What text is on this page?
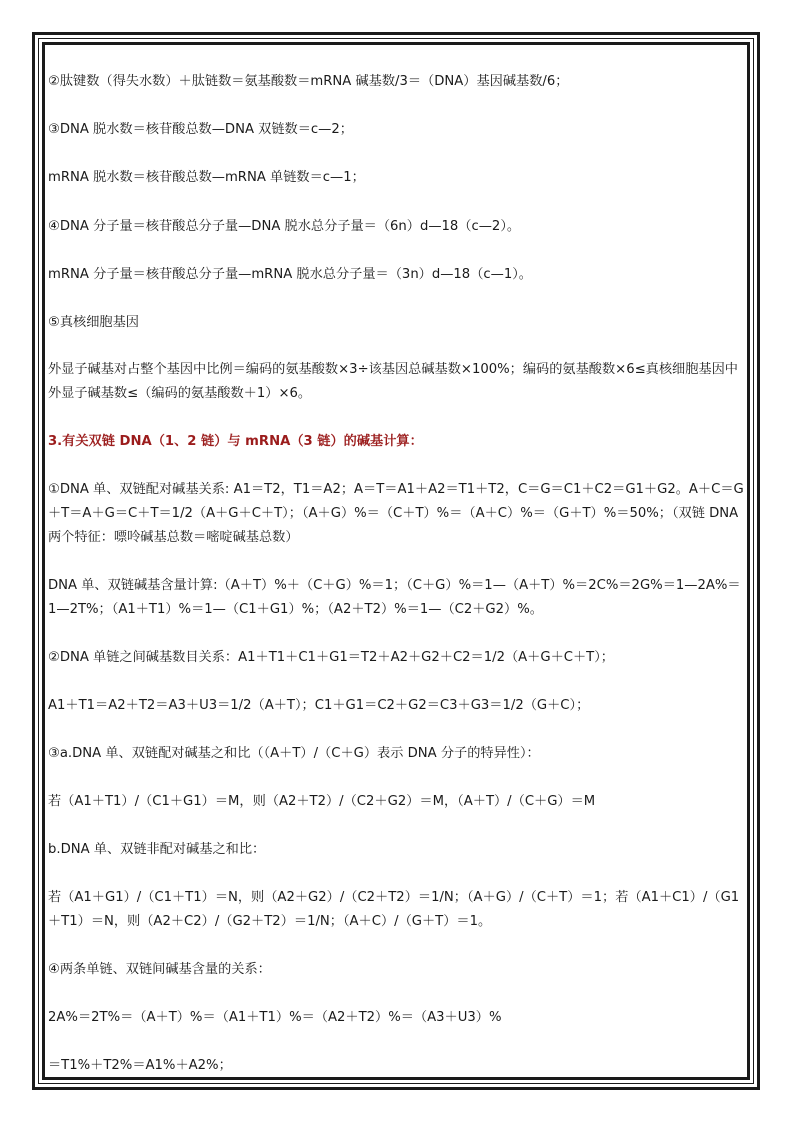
②肽键数（得失水数）＋肽链数＝氨基酸数＝mRNA 碱基数/3＝（DNA）基因碱基数/6；
③DNA 脱水数＝核苷酸总数—DNA 双链数＝c—2；
mRNA 脱水数＝核苷酸总数—mRNA 单链数＝c—1；
④DNA 分子量＝核苷酸总分子量—DNA 脱水总分子量＝（6n）d—18（c—2）。
mRNA 分子量＝核苷酸总分子量—mRNA 脱水总分子量＝（3n）d—18（c—1）。
⑤真核细胞基因
外显子碱基对占整个基因中比例＝编码的氨基酸数×3÷该基因总碱基数×100%；编码的氨基酸数×6≤真核细胞基因中外显子碱基数≤（编码的氨基酸数＋1）×6。
3.有关双链 DNA（1、2 链）与 mRNA（3 链）的碱基计算：
①DNA 单、双链配对碱基关系: A1＝T2，T1＝A2；A＝T＝A1＋A2＝T1＋T2，C＝G＝C1＋C2＝G1＋G2。A＋C＝G＋T＝A＋G＝C＋T＝1/2（A＋G＋C＋T）；（A＋G）%＝（C＋T）%＝（A＋C）%＝（G＋T）%＝50%；（双链 DNA 两个特征：嘌呤碱基总数＝嘧啶碱基总数）
DNA 单、双链碱基含量计算:（A＋T）%＋（C＋G）%＝1；（C＋G）%＝1—（A＋T）%＝2C%＝2G%＝1—2A%＝1—2T%；（A1＋T1）%＝1—（C1＋G1）%；（A2＋T2）%＝1—（C2＋G2）%。
②DNA 单链之间碱基数目关系：A1＋T1＋C1＋G1＝T2＋A2＋G2＋C2＝1/2（A＋G＋C＋T）；
A1＋T1＝A2＋T2＝A3＋U3＝1/2（A＋T）；C1＋G1＝C2＋G2＝C3＋G3＝1/2（G＋C）；
③a.DNA 单、双链配对碱基之和比（（A＋T）/（C＋G）表示 DNA 分子的特异性）：
若（A1＋T1）/（C1＋G1）＝M，则（A2＋T2）/（C2＋G2）＝M，（A＋T）/（C＋G）＝M
b.DNA 单、双链非配对碱基之和比：
若（A1＋G1）/（C1＋T1）＝N，则（A2＋G2）/（C2＋T2）＝1/N；（A＋G）/（C＋T）＝1；若（A1＋C1）/（G1＋T1）＝N，则（A2＋C2）/（G2＋T2）＝1/N；（A＋C）/（G＋T）＝1。
④两条单链、双链间碱基含量的关系：
2A%＝2T%＝（A＋T）%＝（A1＋T1）%＝（A2＋T2）%＝（A3＋U3）%
＝T1%＋T2%＝A1%＋A2%；
